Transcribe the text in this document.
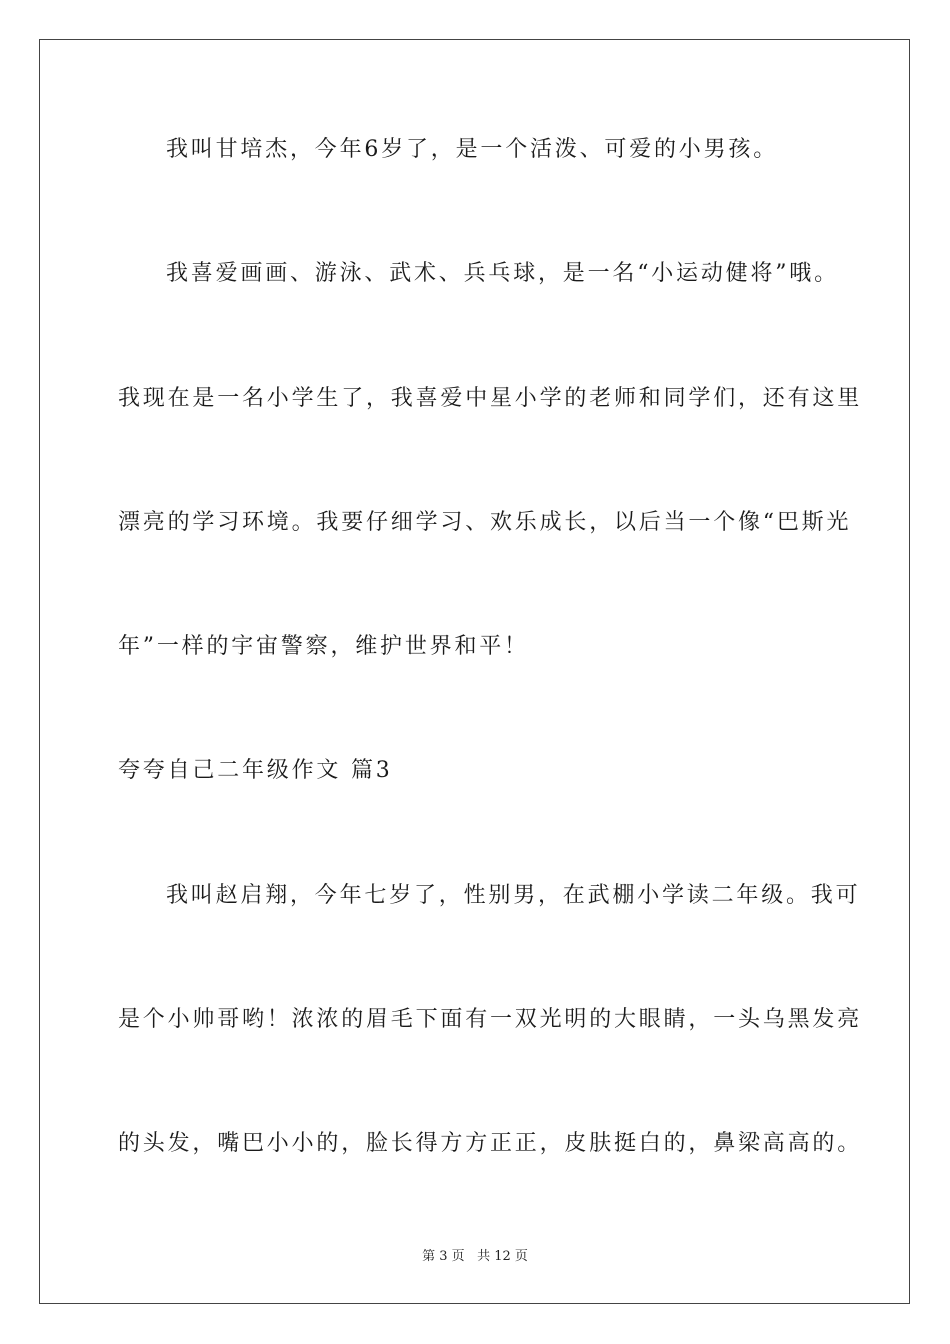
我叫甘培杰，今年6岁了，是一个活泼、可爱的小男孩。
我喜爱画画、游泳、武术、兵乓球，是一名“小运动健将”哦。
我现在是一名小学生了，我喜爱中星小学的老师和同学们，还有这里
漂亮的学习环境。我要仔细学习、欢乐成长，以后当一个像“巴斯光
年”一样的宇宙警察，维护世界和平！
夸夸自己二年级作文 篇3
我叫赵启翔，今年七岁了，性别男，在武棚小学读二年级。我可
是个小帅哥哟！浓浓的眉毛下面有一双光明的大眼睛，一头乌黑发亮
的头发，嘴巴小小的，脸长得方方正正，皮肤挺白的，鼻梁高高的。
第 3 页 共 12 页
